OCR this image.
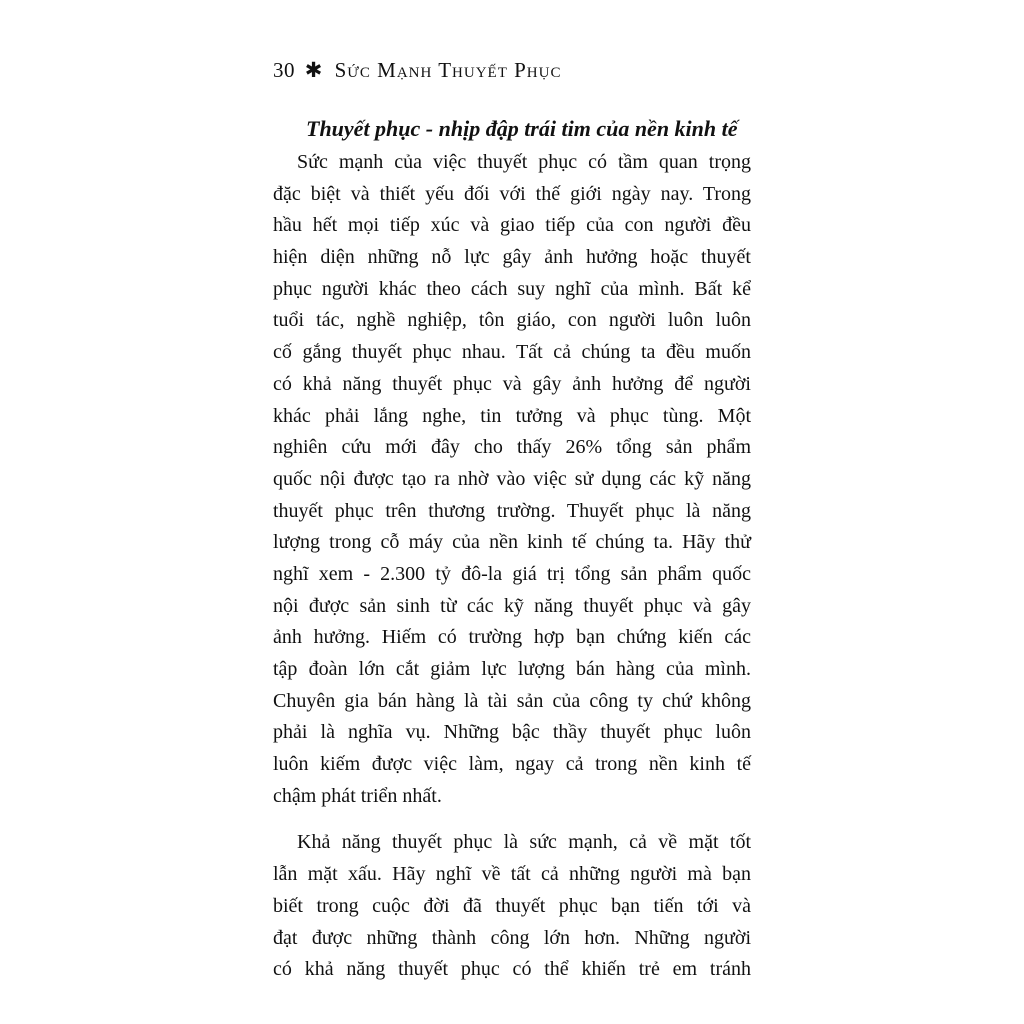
30 ✱ Sức Mạnh Thuyết Phục
Thuyết phục - nhịp đập trái tim của nền kinh tế
Sức mạnh của việc thuyết phục có tầm quan trọng
đặc biệt và thiết yếu đối với thế giới ngày nay. Trong
hầu hết mọi tiếp xúc và giao tiếp của con người đều
hiện diện những nỗ lực gây ảnh hưởng hoặc thuyết
phục người khác theo cách suy nghĩ của mình. Bất kể
tuổi tác, nghề nghiệp, tôn giáo, con người luôn luôn
cố gắng thuyết phục nhau. Tất cả chúng ta đều muốn
có khả năng thuyết phục và gây ảnh hưởng để người
khác phải lắng nghe, tin tưởng và phục tùng. Một
nghiên cứu mới đây cho thấy 26% tổng sản phẩm
quốc nội được tạo ra nhờ vào việc sử dụng các kỹ năng
thuyết phục trên thương trường. Thuyết phục là năng
lượng trong cỗ máy của nền kinh tế chúng ta. Hãy thử
nghĩ xem - 2.300 tỷ đô-la giá trị tổng sản phẩm quốc
nội được sản sinh từ các kỹ năng thuyết phục và gây
ảnh hưởng. Hiếm có trường hợp bạn chứng kiến các
tập đoàn lớn cắt giảm lực lượng bán hàng của mình.
Chuyên gia bán hàng là tài sản của công ty chứ không
phải là nghĩa vụ. Những bậc thầy thuyết phục luôn
luôn kiếm được việc làm, ngay cả trong nền kinh tế
chậm phát triển nhất.
Khả năng thuyết phục là sức mạnh, cả về mặt tốt
lẫn mặt xấu. Hãy nghĩ về tất cả những người mà bạn
biết trong cuộc đời đã thuyết phục bạn tiến tới và
đạt được những thành công lớn hơn. Những người
có khả năng thuyết phục có thể khiến trẻ em tránh
